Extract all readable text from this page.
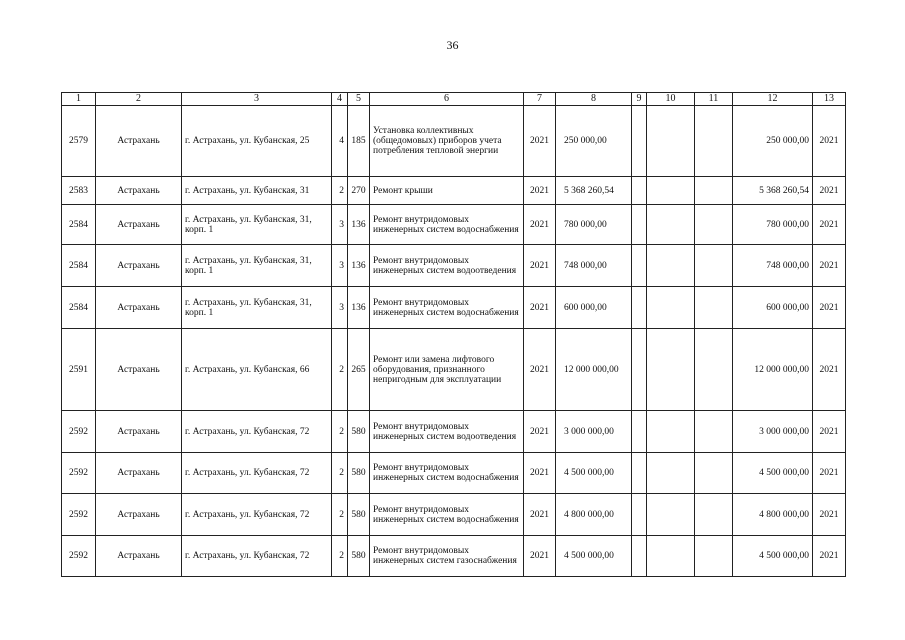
36
1	2	3	4	5	6	7	8	9	10	11	12	13
2579	Астрахань	г. Астрахань, ул. Кубанская, 25	4	185	Установка коллективных (общедомовых) приборов учета потребления тепловой энергии	2021	250 000,00				250 000,00	2021
2583	Астрахань	г. Астрахань, ул. Кубанская, 31	2	270	Ремонт крыши	2021	5 368 260,54				5 368 260,54	2021
2584	Астрахань	г. Астрахань, ул. Кубанская, 31, корп. 1	3	136	Ремонт внутридомовых инженерных систем водоснабжения	2021	780 000,00				780 000,00	2021
2584	Астрахань	г. Астрахань, ул. Кубанская, 31, корп. 1	3	136	Ремонт внутридомовых инженерных систем водоотведения	2021	748 000,00				748 000,00	2021
2584	Астрахань	г. Астрахань, ул. Кубанская, 31, корп. 1	3	136	Ремонт внутридомовых инженерных систем водоснабжения	2021	600 000,00				600 000,00	2021
2591	Астрахань	г. Астрахань, ул. Кубанская, 66	2	265	Ремонт или замена лифтового оборудования, признанного непригодным для эксплуатации	2021	12 000 000,00				12 000 000,00	2021
2592	Астрахань	г. Астрахань, ул. Кубанская, 72	2	580	Ремонт внутридомовых инженерных систем водоотведения	2021	3 000 000,00				3 000 000,00	2021
2592	Астрахань	г. Астрахань, ул. Кубанская, 72	2	580	Ремонт внутридомовых инженерных систем водоснабжения	2021	4 500 000,00				4 500 000,00	2021
2592	Астрахань	г. Астрахань, ул. Кубанская, 72	2	580	Ремонт внутридомовых инженерных систем водоснабжения	2021	4 800 000,00				4 800 000,00	2021
2592	Астрахань	г. Астрахань, ул. Кубанская, 72	2	580	Ремонт внутридомовых инженерных систем газоснабжения	2021	4 500 000,00				4 500 000,00	2021
